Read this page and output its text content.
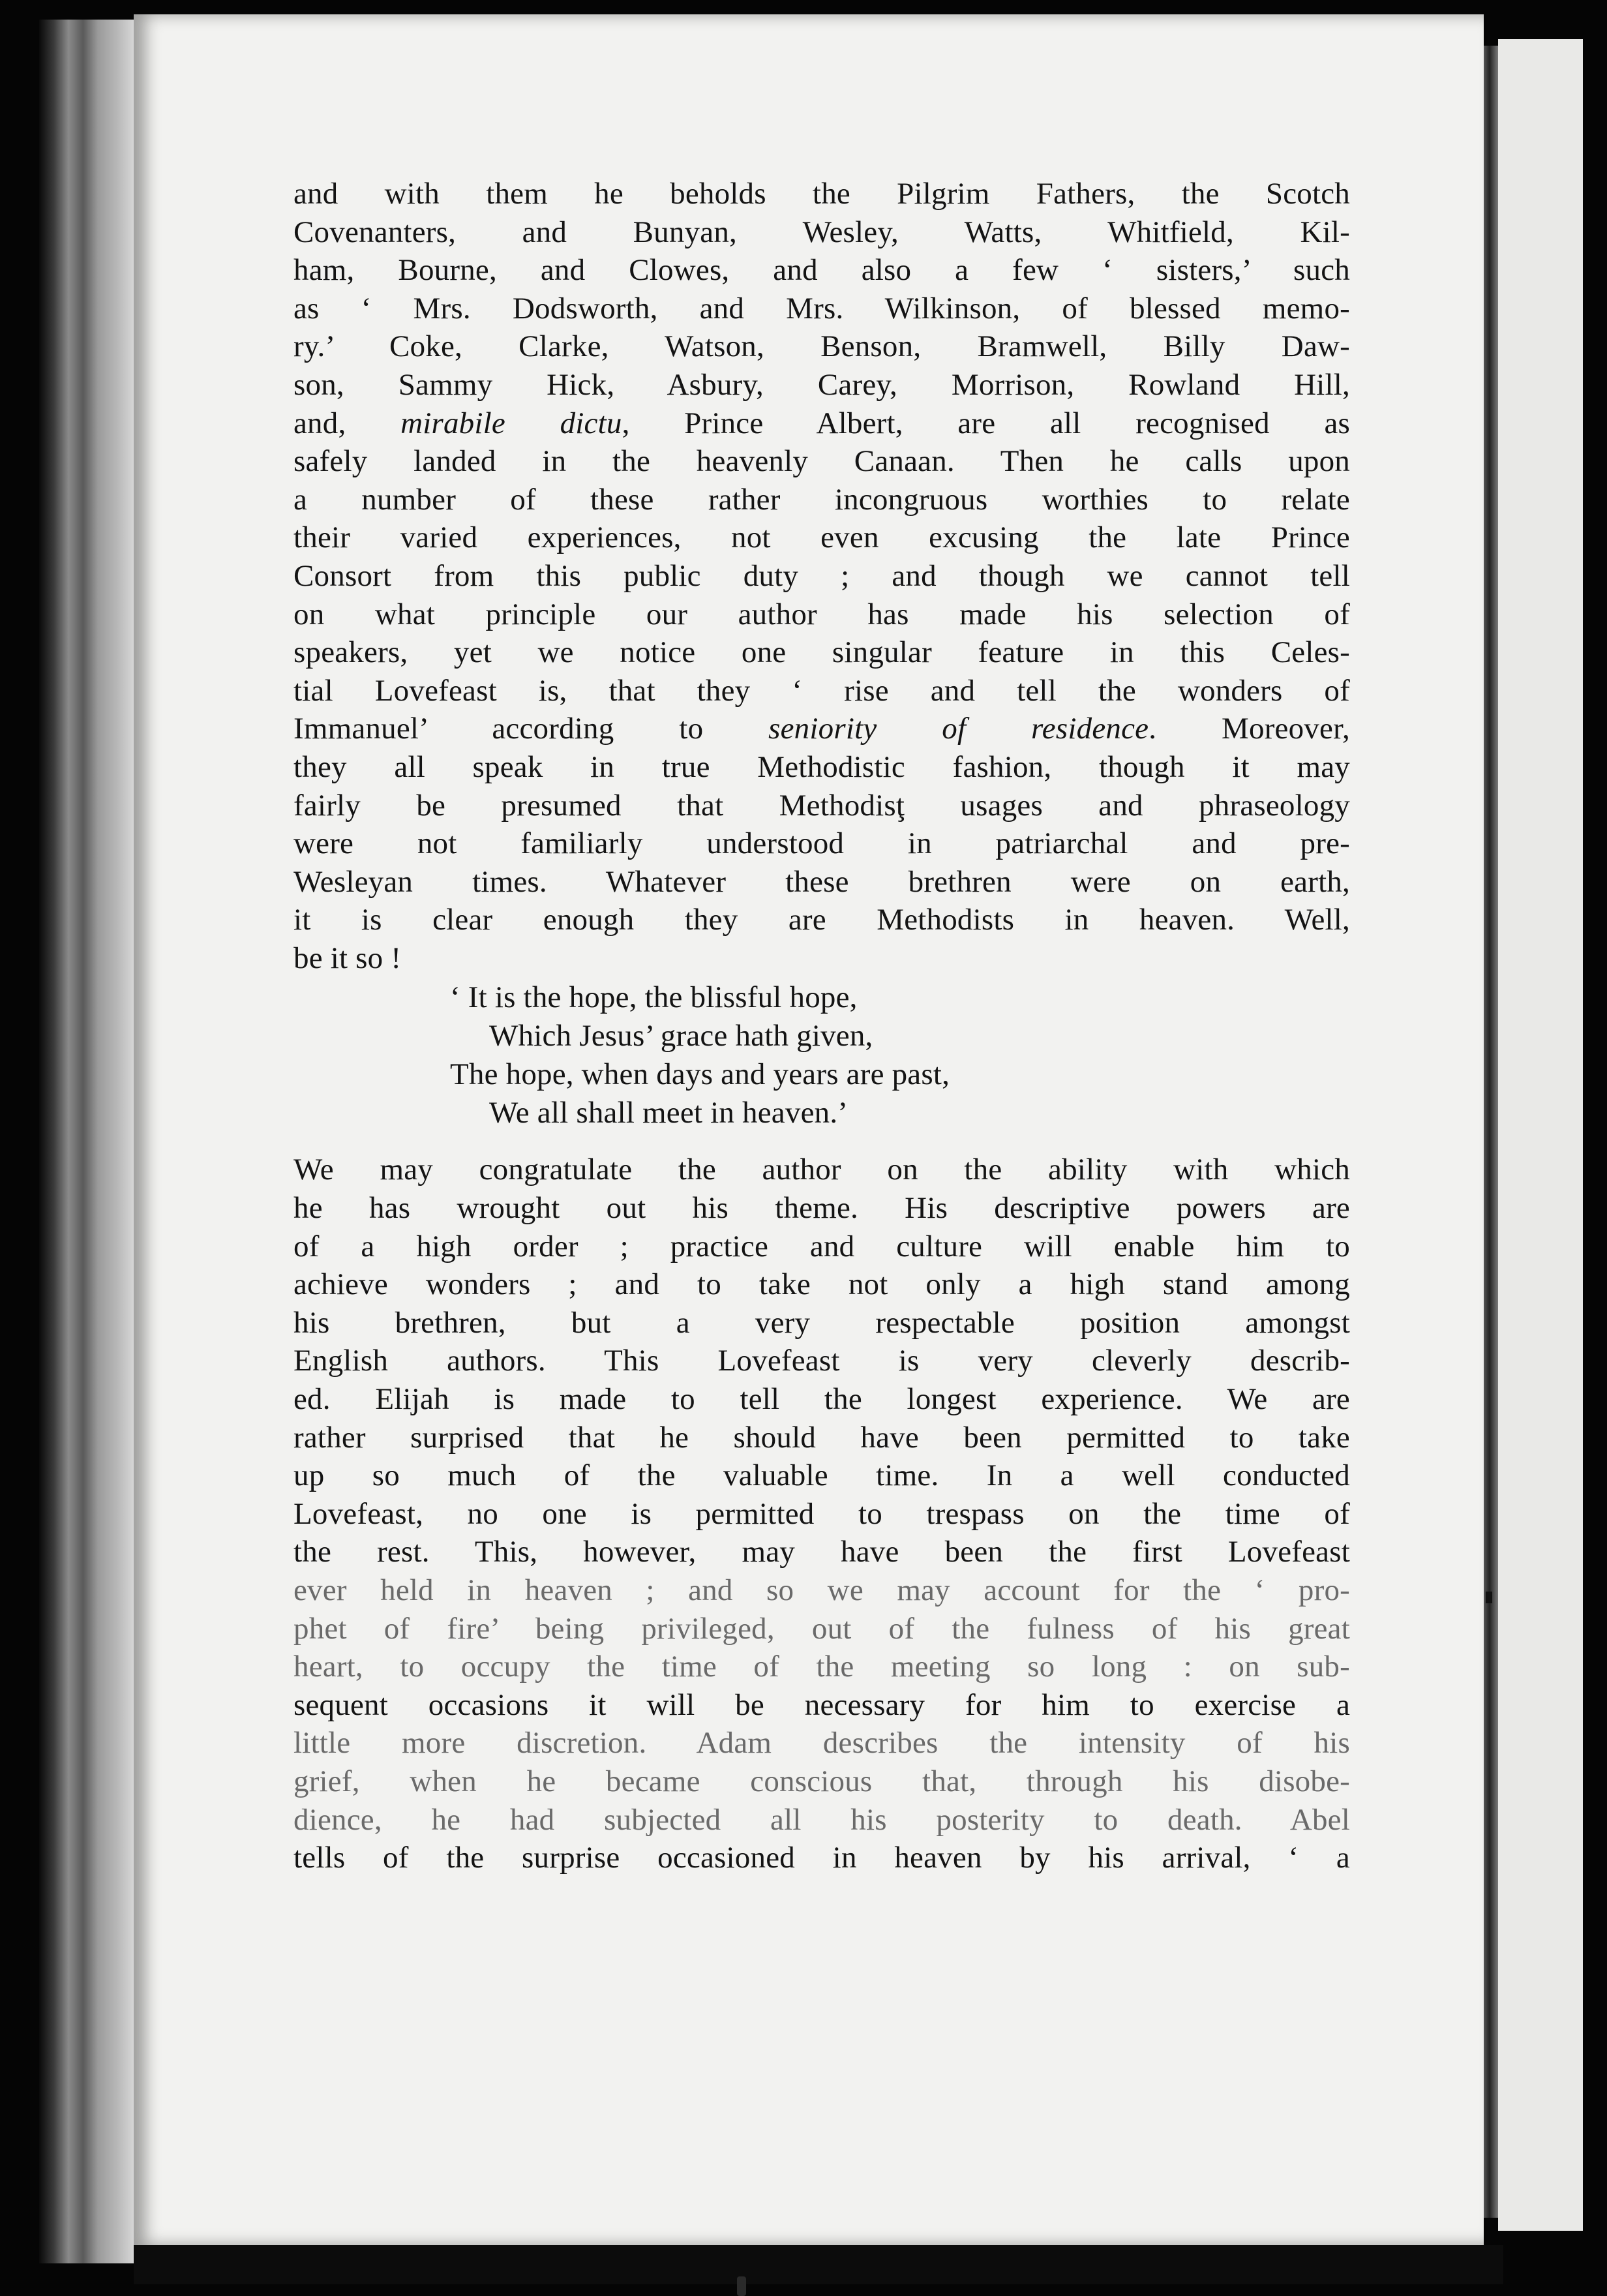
and with them he beholds the Pilgrim Fathers, the Scotch
Covenanters, and Bunyan, Wesley, Watts, Whitfield, Kil-
ham, Bourne, and Clowes, and also a few ‘ sisters,’ such
as ‘ Mrs. Dodsworth, and Mrs. Wilkinson, of blessed memo-
ry.’ Coke, Clarke, Watson, Benson, Bramwell, Billy Daw-
son, Sammy Hick, Asbury, Carey, Morrison, Rowland Hill,
and, mirabile dictu, Prince Albert, are all recognised as
safely landed in the heavenly Canaan. Then he calls upon
a number of these rather incongruous worthies to relate
their varied experiences, not even excusing the late Prince
Consort from this public duty ; and though we cannot tell
on what principle our author has made his selection of
speakers, yet we notice one singular feature in this Celes-
tial Lovefeast is, that they ‘ rise and tell the wonders of
Immanuel’ according to seniority of residence. Moreover,
they all speak in true Methodistic fashion, though it may
fairly be presumed that Methodisţ usages and phraseology
were not familiarly understood in patriarchal and pre-
Wesleyan times. Whatever these brethren were on earth,
it is clear enough they are Methodists in heaven. Well,
be it so !

‘ It is the hope, the blissful hope,
Which Jesus’ grace hath given,
The hope, when days and years are past,
We all shall meet in heaven.’

We may congratulate the author on the ability with which
he has wrought out his theme. His descriptive powers are
of a high order ; practice and culture will enable him to
achieve wonders ; and to take not only a high stand among
his brethren, but a very respectable position amongst
English authors. This Lovefeast is very cleverly describ-
ed. Elijah is made to tell the longest experience. We are
rather surprised that he should have been permitted to take
up so much of the valuable time. In a well conducted
Lovefeast, no one is permitted to trespass on the time of
the rest. This, however, may have been the first Lovefeast
ever held in heaven ; and so we may account for the ‘ pro-
phet of fire’ being privileged, out of the fulness of his great
heart, to occupy the time of the meeting so long : on sub-
sequent occasions it will be necessary for him to exercise a
little more discretion. Adam describes the intensity of his
grief, when he became conscious that, through his disobe-
dience, he had subjected all his posterity to death. Abel
tells of the surprise occasioned in heaven by his arrival, ‘ a
